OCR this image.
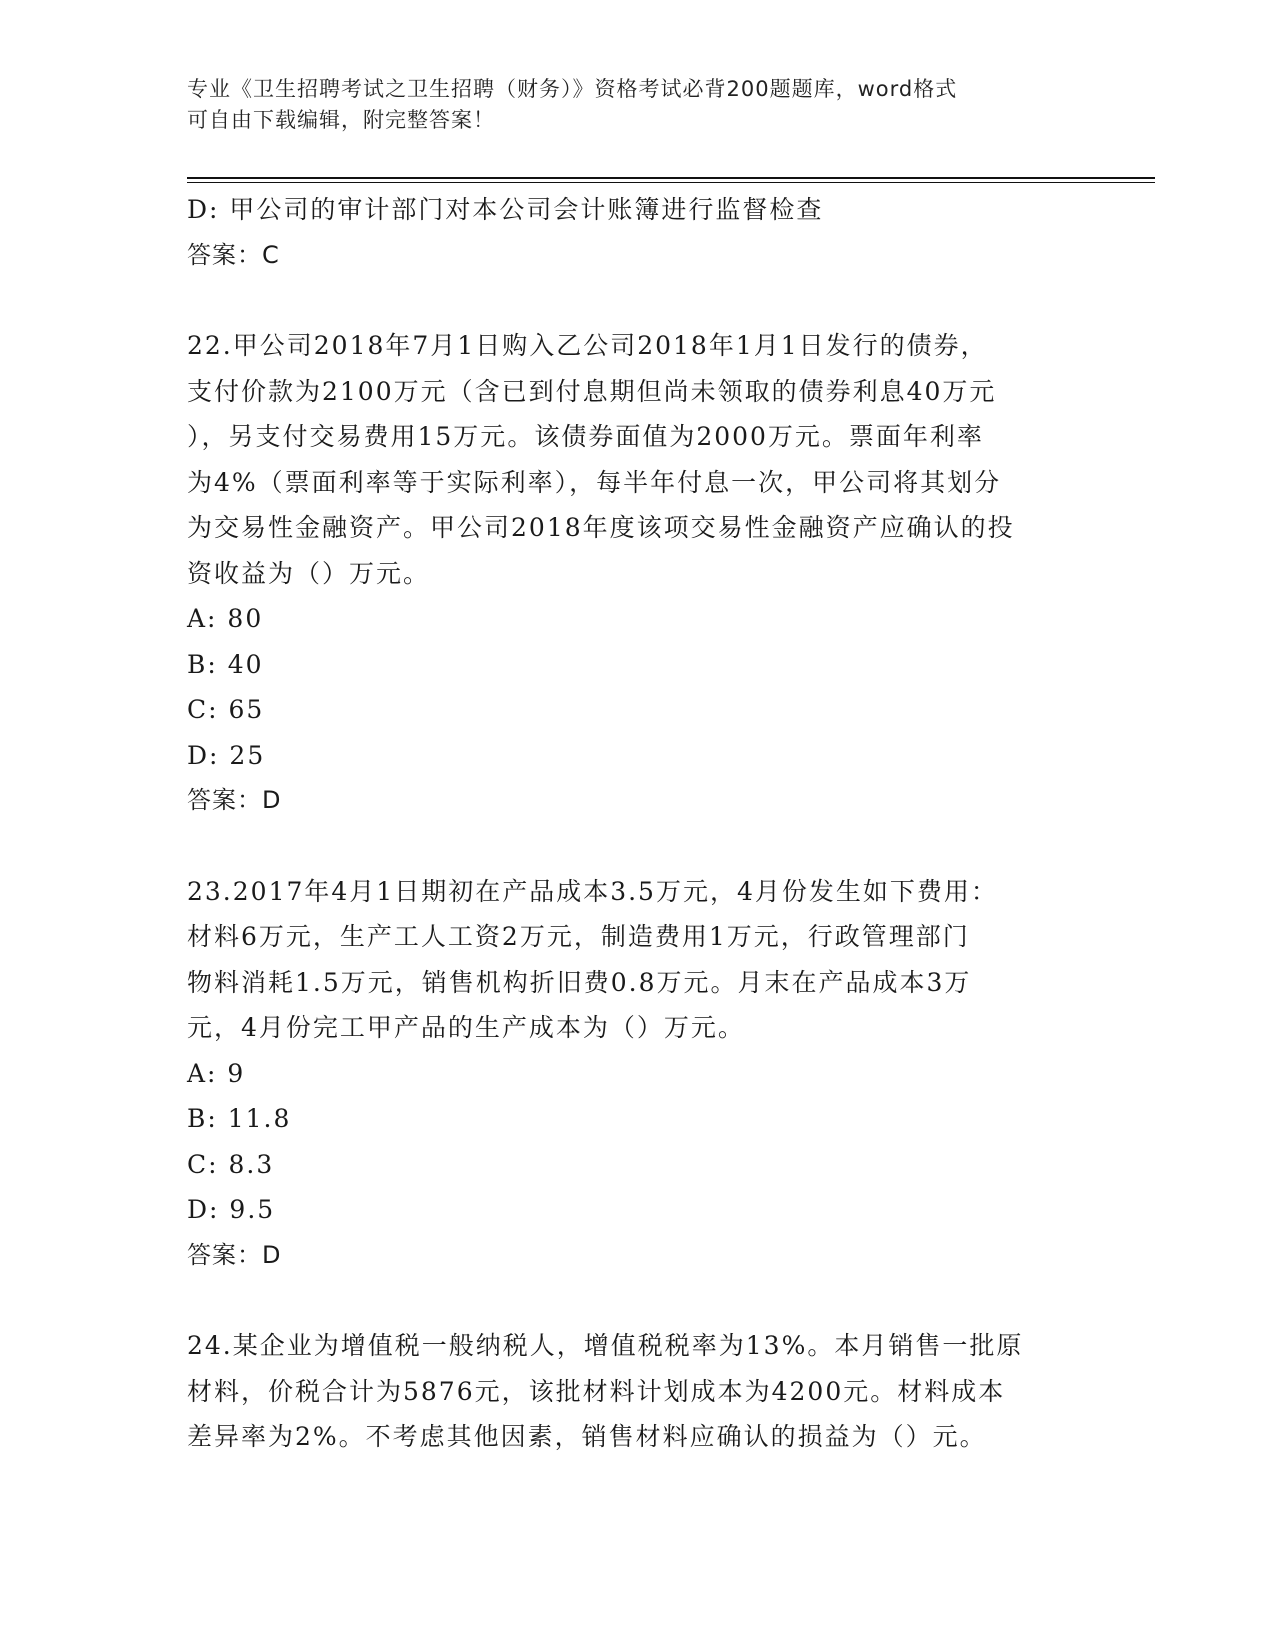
专业《卫生招聘考试之卫生招聘（财务）》资格考试必背200题题库，word格式
可自由下载编辑，附完整答案！
D: 甲公司的审计部门对本公司会计账簿进行监督检查
答案：C
22.甲公司2018年7月1日购入乙公司2018年1月1日发行的债券，
支付价款为2100万元（含已到付息期但尚未领取的债券利息40万元
），另支付交易费用15万元。该债券面值为2000万元。票面年利率
为4%（票面利率等于实际利率），每半年付息一次，甲公司将其划分
为交易性金融资产。甲公司2018年度该项交易性金融资产应确认的投
资收益为（）万元。
A: 80
B: 40
C: 65
D: 25
答案：D
23.2017年4月1日期初在产品成本3.5万元，4月份发生如下费用：
材料6万元，生产工人工资2万元，制造费用1万元，行政管理部门
物料消耗1.5万元，销售机构折旧费0.8万元。月末在产品成本3万
元，4月份完工甲产品的生产成本为（）万元。
A: 9
B: 11.8
C: 8.3
D: 9.5
答案：D
24.某企业为增值税一般纳税人，增值税税率为13%。本月销售一批原
材料，价税合计为5876元，该批材料计划成本为4200元。材料成本
差异率为2%。不考虑其他因素，销售材料应确认的损益为（）元。
